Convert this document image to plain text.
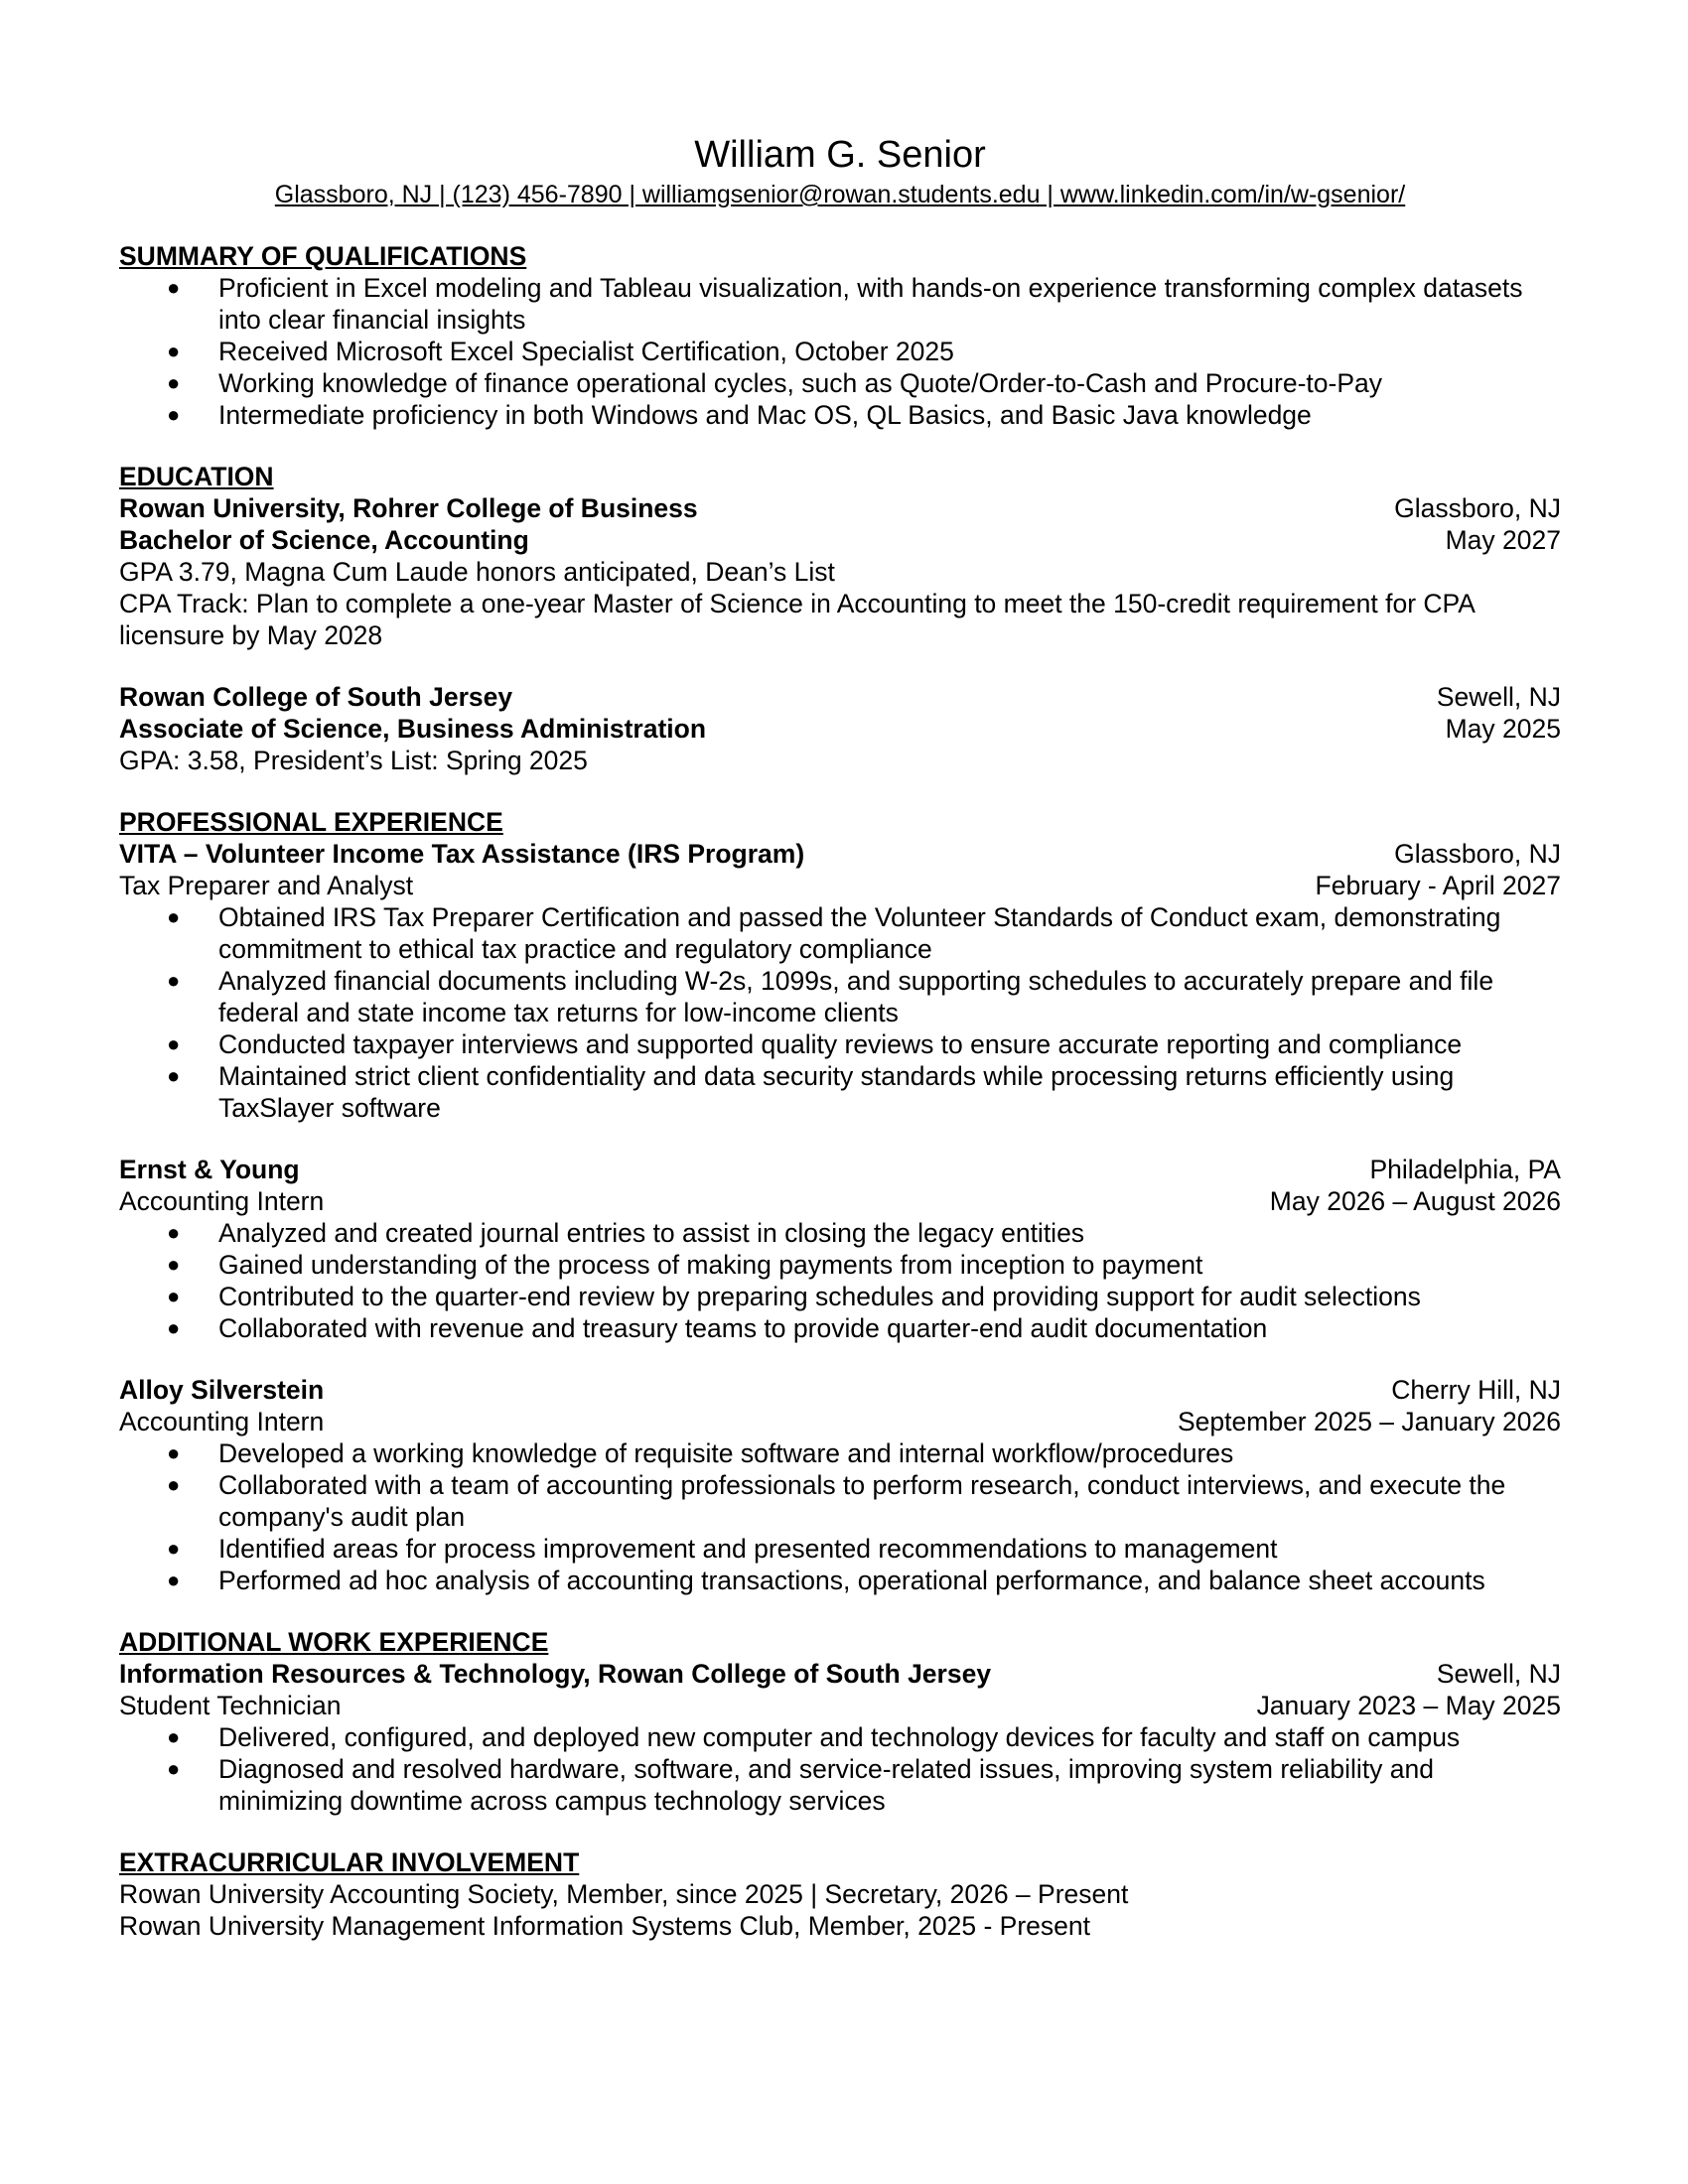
William G. Senior
Glassboro, NJ | (123) 456-7890 | williamgsenior@rowan.students.edu | www.linkedin.com/in/w-gsenior/
SUMMARY OF QUALIFICATIONS
● Proficient in Excel modeling and Tableau visualization, with hands-on experience transforming complex datasets into clear financial insights
● Received Microsoft Excel Specialist Certification, October 2025
● Working knowledge of finance operational cycles, such as Quote/Order-to-Cash and Procure-to-Pay
● Intermediate proficiency in both Windows and Mac OS, QL Basics, and Basic Java knowledge
EDUCATION
Rowan University, Rohrer College of Business	Glassboro, NJ
Bachelor of Science, Accounting	May 2027
GPA 3.79, Magna Cum Laude honors anticipated, Dean’s List
CPA Track: Plan to complete a one-year Master of Science in Accounting to meet the 150-credit requirement for CPA licensure by May 2028
Rowan College of South Jersey	Sewell, NJ
Associate of Science, Business Administration	May 2025
GPA: 3.58, President’s List: Spring 2025
PROFESSIONAL EXPERIENCE
VITA – Volunteer Income Tax Assistance (IRS Program)	Glassboro, NJ
Tax Preparer and Analyst	February - April 2027
● Obtained IRS Tax Preparer Certification and passed the Volunteer Standards of Conduct exam, demonstrating commitment to ethical tax practice and regulatory compliance
● Analyzed financial documents including W-2s, 1099s, and supporting schedules to accurately prepare and file federal and state income tax returns for low-income clients
● Conducted taxpayer interviews and supported quality reviews to ensure accurate reporting and compliance
● Maintained strict client confidentiality and data security standards while processing returns efficiently using TaxSlayer software
Ernst & Young	Philadelphia, PA
Accounting Intern	May 2026 – August 2026
● Analyzed and created journal entries to assist in closing the legacy entities
● Gained understanding of the process of making payments from inception to payment
● Contributed to the quarter-end review by preparing schedules and providing support for audit selections
● Collaborated with revenue and treasury teams to provide quarter-end audit documentation
Alloy Silverstein	Cherry Hill, NJ
Accounting Intern	September 2025 – January 2026
● Developed a working knowledge of requisite software and internal workflow/procedures
● Collaborated with a team of accounting professionals to perform research, conduct interviews, and execute the company's audit plan
● Identified areas for process improvement and presented recommendations to management
● Performed ad hoc analysis of accounting transactions, operational performance, and balance sheet accounts
ADDITIONAL WORK EXPERIENCE
Information Resources & Technology, Rowan College of South Jersey	Sewell, NJ
Student Technician	January 2023 – May 2025
● Delivered, configured, and deployed new computer and technology devices for faculty and staff on campus
● Diagnosed and resolved hardware, software, and service-related issues, improving system reliability and minimizing downtime across campus technology services
EXTRACURRICULAR INVOLVEMENT
Rowan University Accounting Society, Member, since 2025 | Secretary, 2026 – Present
Rowan University Management Information Systems Club, Member, 2025 - Present
